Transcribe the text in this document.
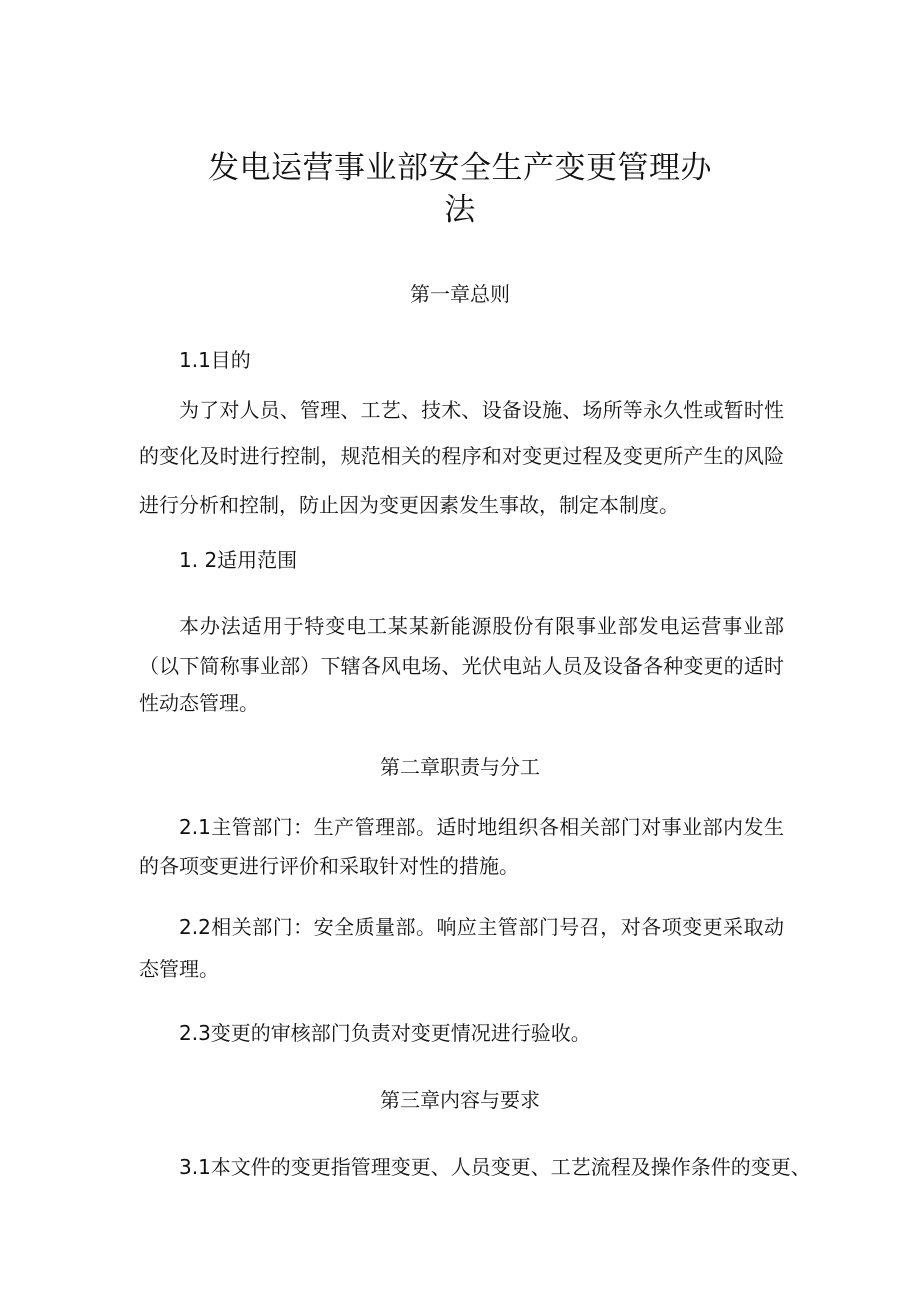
发电运营事业部安全生产变更管理办
法
第一章总则
1.1目的
为了对人员、管理、工艺、技术、设备设施、场所等永久性或暂时性
的变化及时进行控制，规范相关的程序和对变更过程及变更所产生的风险
进行分析和控制，防止因为变更因素发生事故，制定本制度。
1. 2适用范围
本办法适用于特变电工某某新能源股份有限事业部发电运营事业部
（以下简称事业部）下辖各风电场、光伏电站人员及设备各种变更的适时
性动态管理。
第二章职责与分工
2.1主管部门：生产管理部。适时地组织各相关部门对事业部内发生
的各项变更进行评价和采取针对性的措施。
2.2相关部门：安全质量部。响应主管部门号召，对各项变更采取动
态管理。
2.3变更的审核部门负责对变更情况进行验收。
第三章内容与要求
3.1本文件的变更指管理变更、人员变更、工艺流程及操作条件的变更、
